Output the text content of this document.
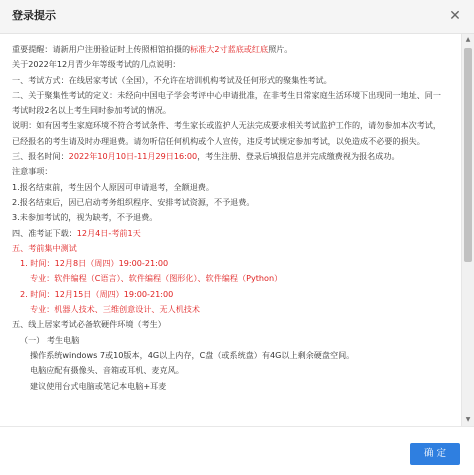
登录提示	✕

重要提醒：请新用户注册验证时上传照相馆拍摄的标准大2寸蓝底或红底照片。

关于2022年12月青少年等级考试的几点说明：

一、考试方式：在线居家考试（全国），不允许在培训机构考试及任何形式的聚集性考试。

二、关于聚集性考试的定义：未经向中国电子学会考评中心申请批准，在非考生日常家庭生活环境下出现同一地址、同一考试时段2名以上考生同时参加考试的情况。

说明：如有因考生家庭环境不符合考试条件、考生家长或监护人无法完成要求相关考试监护工作的，请勿参加本次考试，已经报名的考生请及时办理退费。请勿听信任何机构或个人宣传，违反考试规定参加考试，以免造成不必要的损失。

三、报名时间：2022年10月10日-11月29日16:00，考生注册、登录后填报信息并完成缴费视为报名成功。

注意事项：

1.报名结束前，考生因个人原因可申请退考，全额退费。

2.报名结束后，因已启动考务组织程序、安排考试资源，不予退费。

3.未参加考试的，视为缺考，不予退费。

四、准考证下载：12月4日-考前1天

五、考前集中测试

1. 时间：12月8日（周四）19:00-21:00

专业：软件编程（C语言）、软件编程（图形化）、软件编程（Python）

2. 时间：12月15日（周四）19:00-21:00

专业：机器人技术、三维创意设计、无人机技术

五、线上居家考试必备软硬件环境（考生）

（一） 考生电脑

操作系统windows 7或10版本，4G以上内存，C盘（或系统盘）有4G以上剩余硬盘空间。

电脑应配有摄像头、音箱或耳机、麦克风。

建议使用台式电脑或笔记本电脑+耳麦

▲
▼
确 定
